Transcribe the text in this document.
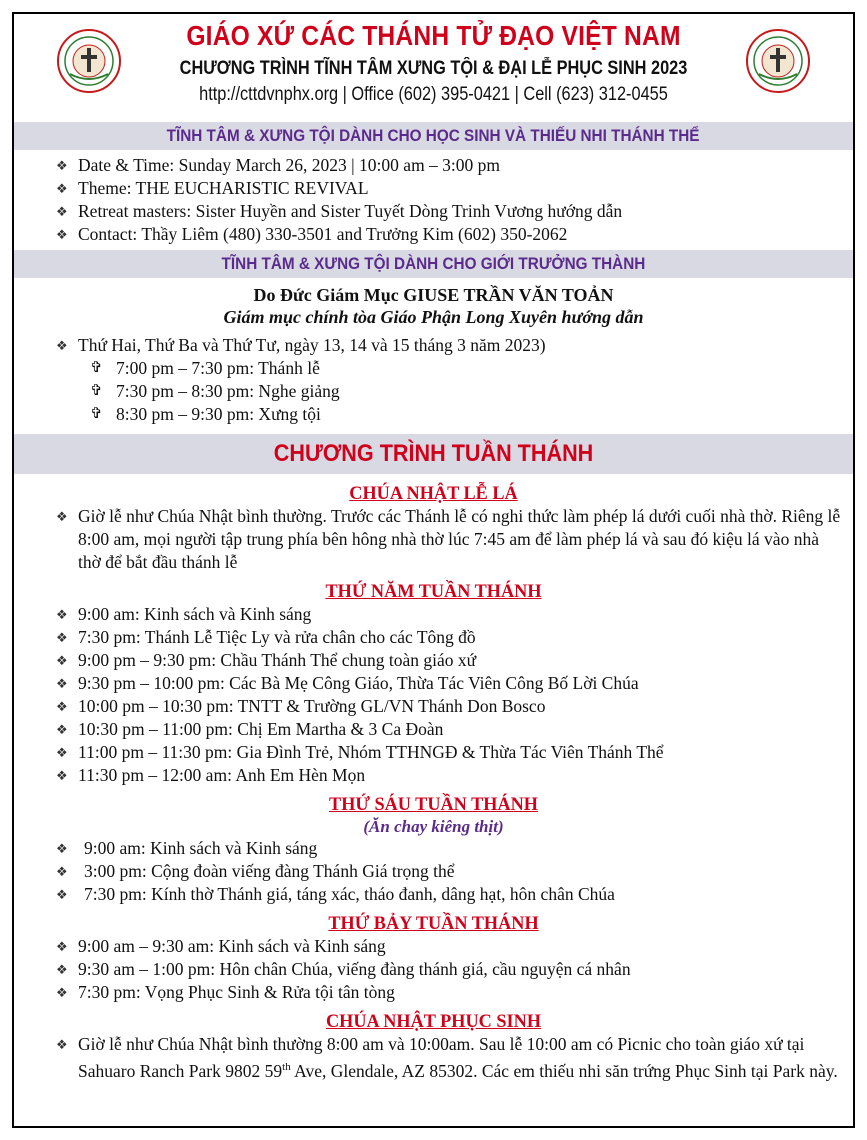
GIÁO XỨ CÁC THÁNH TỬ ĐẠO VIỆT NAM
CHƯƠNG TRÌNH TĨNH TÂM XƯNG TỘI & ĐẠI LỄ PHỤC SINH 2023
http://cttdvnphx.org | Office (602) 395-0421 | Cell (623) 312-0455
TĨNH TÂM & XƯNG TỘI DÀNH CHO HỌC SINH VÀ THIẾU NHI THÁNH THỂ
❖ Date & Time: Sunday March 26, 2023 | 10:00 am – 3:00 pm
❖ Theme: THE EUCHARISTIC REVIVAL
❖ Retreat masters: Sister Huyền and Sister Tuyết Dòng Trinh Vương hướng dẫn
❖ Contact: Thầy Liêm (480) 330-3501 and Trưởng Kim (602) 350-2062
TĨNH TÂM & XƯNG TỘI DÀNH CHO GIỚI TRƯỞNG THÀNH
Do Đức Giám Mục GIUSE TRẦN VĂN TOẢN
Giám mục chính tòa Giáo Phận Long Xuyên hướng dẫn
❖ Thứ Hai, Thứ Ba và Thứ Tư, ngày 13, 14 và 15 tháng 3 năm 2023)
✞ 7:00 pm – 7:30 pm: Thánh lễ
✞ 7:30 pm – 8:30 pm: Nghe giảng
✞ 8:30 pm – 9:30 pm: Xưng tội
CHƯƠNG TRÌNH TUẦN THÁNH
CHÚA NHẬT LỄ LÁ
❖ Giờ lễ như Chúa Nhật bình thường. Trước các Thánh lễ có nghi thức làm phép lá dưới cuối nhà thờ. Riêng lễ 8:00 am, mọi người tập trung phía bên hông nhà thờ lúc 7:45 am để làm phép lá và sau đó kiệu lá vào nhà thờ để bắt đầu thánh lễ
THỨ NĂM TUẦN THÁNH
❖ 9:00 am: Kinh sách và Kinh sáng
❖ 7:30 pm: Thánh Lễ Tiệc Ly và rửa chân cho các Tông đồ
❖ 9:00 pm – 9:30 pm: Chầu Thánh Thể chung toàn giáo xứ
❖ 9:30 pm – 10:00 pm: Các Bà Mẹ Công Giáo, Thừa Tác Viên Công Bố Lời Chúa
❖ 10:00 pm – 10:30 pm: TNTT & Trường GL/VN Thánh Don Bosco
❖ 10:30 pm – 11:00 pm: Chị Em Martha & 3 Ca Đoàn
❖ 11:00 pm – 11:30 pm: Gia Đình Trẻ, Nhóm TTHNGĐ & Thừa Tác Viên Thánh Thể
❖ 11:30 pm – 12:00 am: Anh Em Hèn Mọn
THỨ SÁU TUẦN THÁNH
(Ăn chay kiêng thịt)
❖ 9:00 am: Kinh sách và Kinh sáng
❖ 3:00 pm: Cộng đoàn viếng đàng Thánh Giá trọng thể
❖ 7:30 pm: Kính thờ Thánh giá, táng xác, tháo đanh, dâng hạt, hôn chân Chúa
THỨ BẢY TUẦN THÁNH
❖ 9:00 am – 9:30 am: Kinh sách và Kinh sáng
❖ 9:30 am – 1:00 pm: Hôn chân Chúa, viếng đàng thánh giá, cầu nguyện cá nhân
❖ 7:30 pm: Vọng Phục Sinh & Rửa tội tân tòng
CHÚA NHẬT PHỤC SINH
❖ Giờ lễ như Chúa Nhật bình thường 8:00 am và 10:00am. Sau lễ 10:00 am có Picnic cho toàn giáo xứ tại Sahuaro Ranch Park 9802 59th Ave, Glendale, AZ 85302. Các em thiếu nhi săn trứng Phục Sinh tại Park này.
